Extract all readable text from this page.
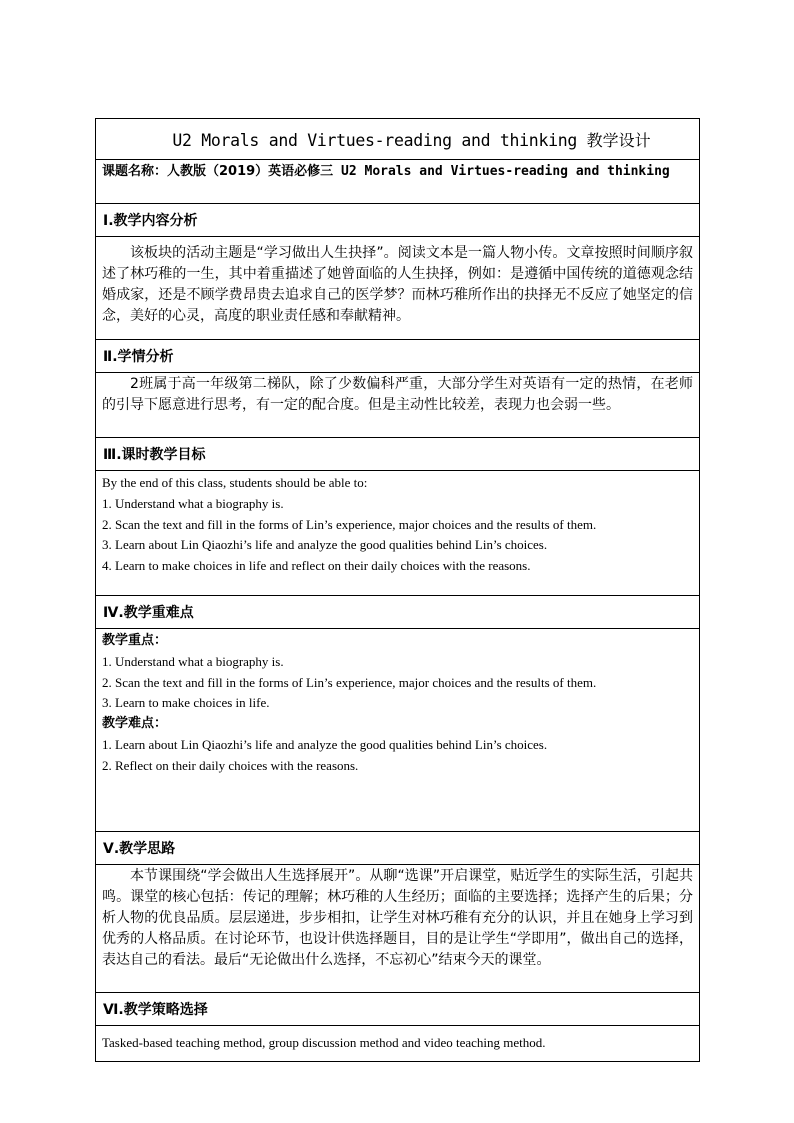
U2 Morals and Virtues-reading and thinking 教学设计
课题名称：人教版（2019）英语必修三 U2 Morals and Virtues-reading and thinking
Ⅰ.教学内容分析

该板块的活动主题是“学习做出人生抉择”。阅读文本是一篇人物小传。文章按照时间顺序叙述了林巧稚的一生，其中着重描述了她曾面临的人生抉择，例如：是遵循中国传统的道德观念结婚成家，还是不顾学费昂贵去追求自己的医学梦？而林巧稚所作出的抉择无不反应了她坚定的信念，美好的心灵，高度的职业责任感和奉献精神。

Ⅱ.学情分析

2班属于高一年级第二梯队，除了少数偏科严重，大部分学生对英语有一定的热情，在老师的引导下愿意进行思考，有一定的配合度。但是主动性比较差，表现力也会弱一些。

Ⅲ.课时教学目标

By the end of this class, students should be able to:

1. Understand what a biography is.

2. Scan the text and fill in the forms of Lin’s experience, major choices and the results of them.

3. Learn about Lin Qiaozhi’s life and analyze the good qualities behind Lin’s choices.

4. Learn to make choices in life and reflect on their daily choices with the reasons.

Ⅳ.教学重难点

教学重点：

1. Understand what a biography is.

2. Scan the text and fill in the forms of Lin’s experience, major choices and the results of them.

3. Learn to make choices in life.

教学难点：

1. Learn about Lin Qiaozhi’s life and analyze the good qualities behind Lin’s choices.

2. Reflect on their daily choices with the reasons.

Ⅴ.教学思路

本节课围绕“学会做出人生选择展开”。从聊“选课”开启课堂，贴近学生的实际生活，引起共鸣。课堂的核心包括：传记的理解；林巧稚的人生经历；面临的主要选择；选择产生的后果；分析人物的优良品质。层层递进，步步相扣，让学生对林巧稚有充分的认识，并且在她身上学习到优秀的人格品质。在讨论环节，也设计供选择题目，目的是让学生“学即用”，做出自己的选择，表达自己的看法。最后“无论做出什么选择，不忘初心”结束今天的课堂。

Ⅵ.教学策略选择

Tasked-based teaching method, group discussion method and video teaching method.
